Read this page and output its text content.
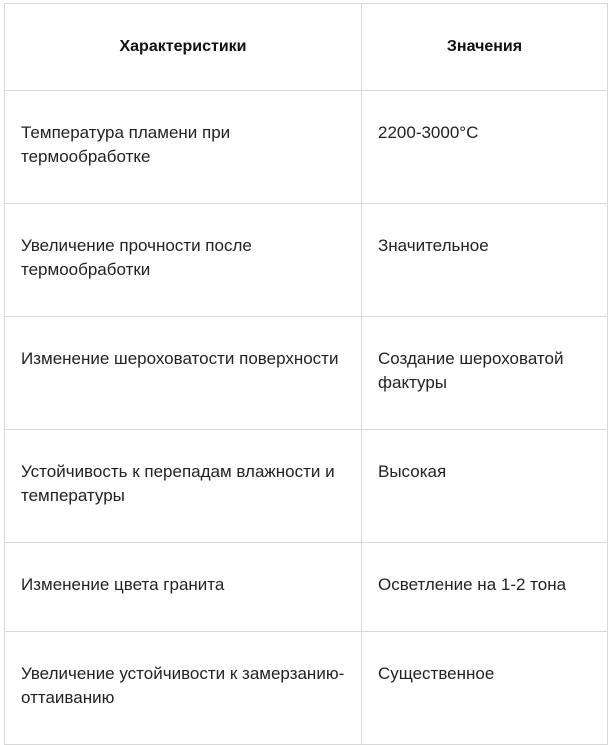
Характеристики	Значения

Температура пламени при термообработке	2200-3000°C

Увеличение прочности после термообработки	Значительное

Изменение шероховатости поверхности	Создание шероховатой фактуры

Устойчивость к перепадам влажности и температуры	Высокая

Изменение цвета гранита	Осветление на 1-2 тона

Увеличение устойчивости к замерзанию-оттаиванию	Существенное
